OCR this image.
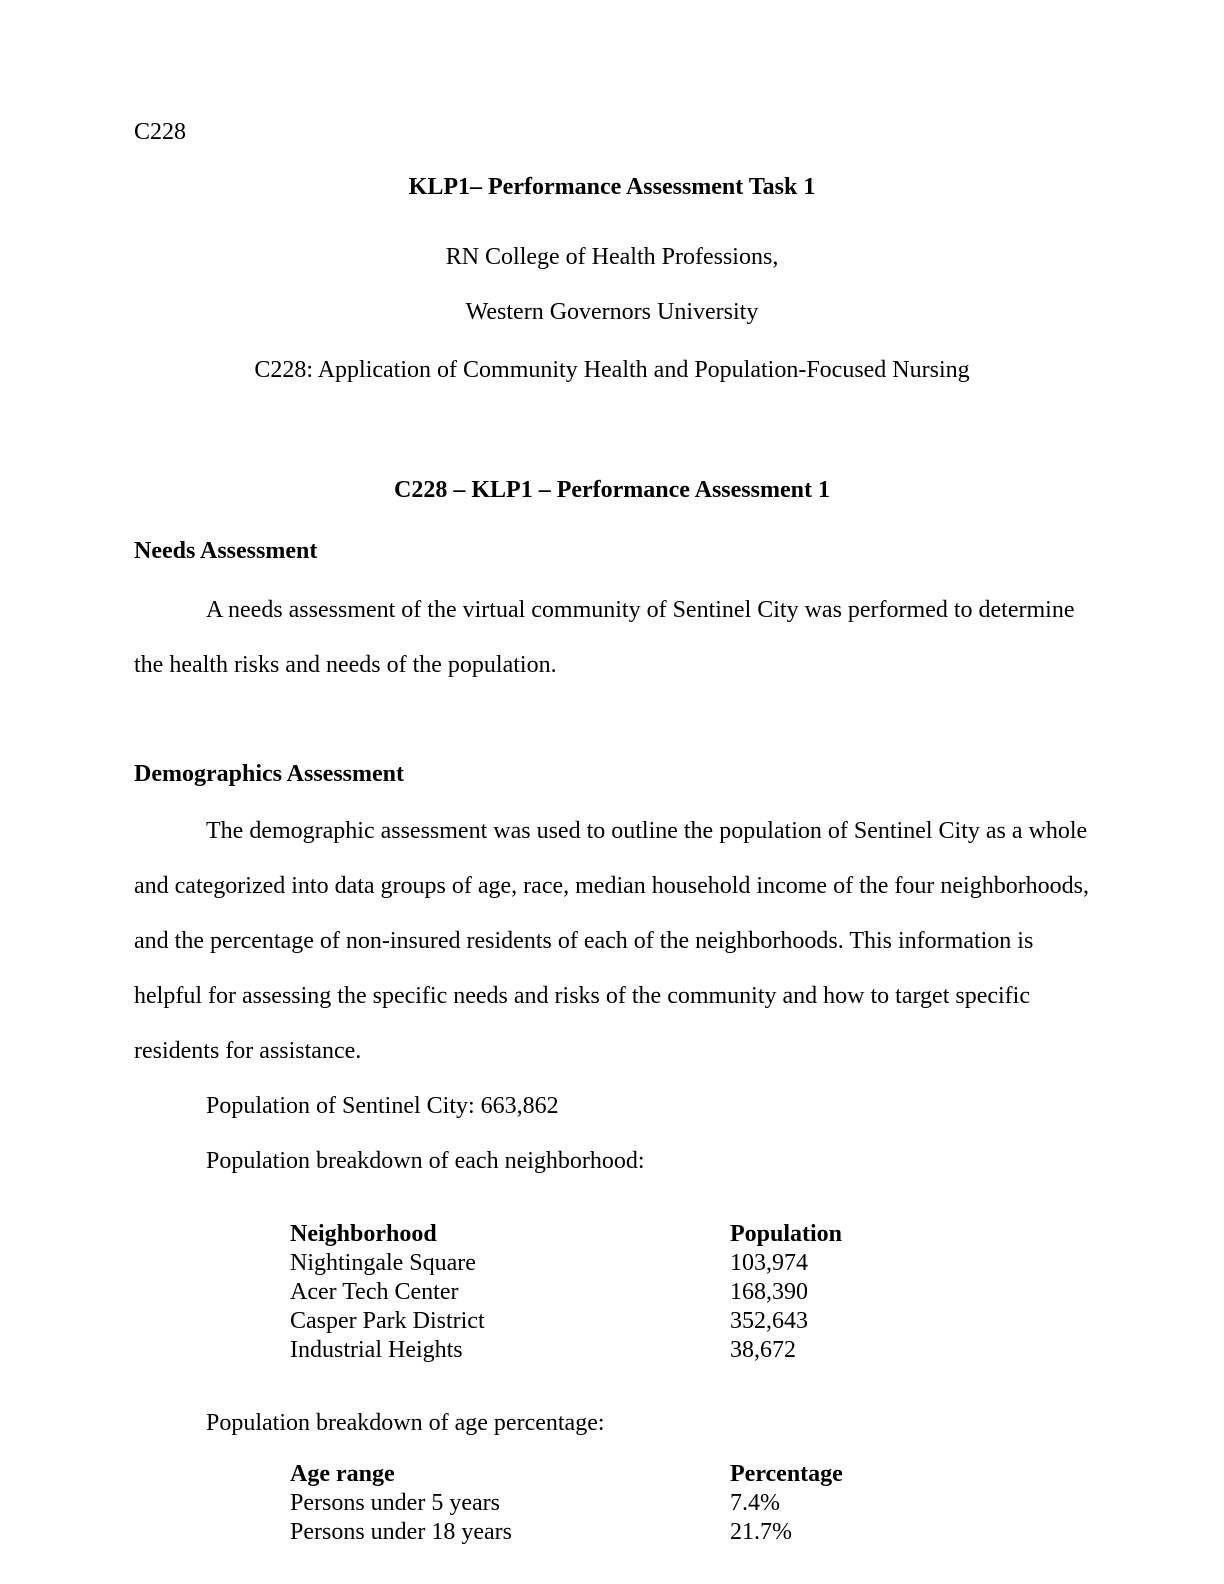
C228

KLP1– Performance Assessment Task 1

RN College of Health Professions,

Western Governors University

C228: Application of Community Health and Population-Focused Nursing

C228 – KLP1 – Performance Assessment 1

Needs Assessment

A needs assessment of the virtual community of Sentinel City was performed to determine the health risks and needs of the population.

Demographics Assessment

The demographic assessment was used to outline the population of Sentinel City as a whole and categorized into data groups of age, race, median household income of the four neighborhoods, and the percentage of non-insured residents of each of the neighborhoods. This information is helpful for assessing the specific needs and risks of the community and how to target specific residents for assistance.

Population of Sentinel City: 663,862

Population breakdown of each neighborhood:

Neighborhood	Population
Nightingale Square	103,974
Acer Tech Center	168,390
Casper Park District	352,643
Industrial Heights	38,672

Population breakdown of age percentage:

Age range	Percentage
Persons under 5 years	7.4%
Persons under 18 years	21.7%
